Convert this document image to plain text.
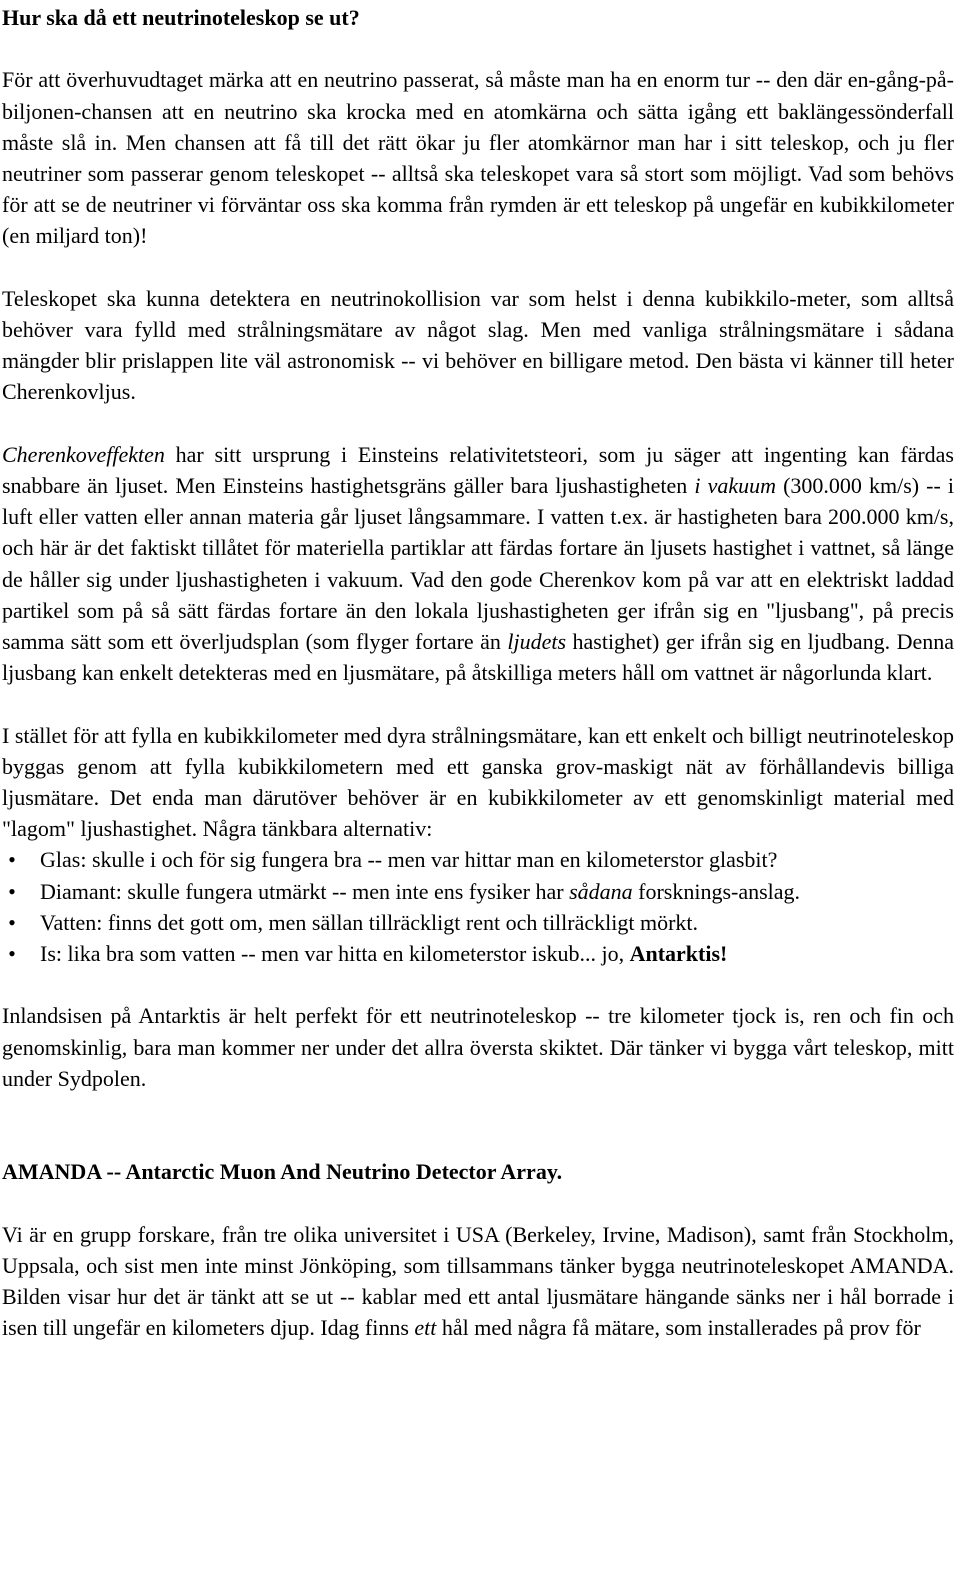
Hur ska då ett neutrinoteleskop se ut?

För att överhuvudtaget märka att en neutrino passerat, så måste man ha en enorm tur -- den där en-gång-på-biljonen-chansen att en neutrino ska krocka med en atomkärna och sätta igång ett baklängessönderfall måste slå in. Men chansen att få till det rätt ökar ju fler atomkärnor man har i sitt teleskop, och ju fler neutriner som passerar genom teleskopet -- alltså ska teleskopet vara så stort som möjligt. Vad som behövs för att se de neutriner vi förväntar oss ska komma från rymden är ett teleskop på ungefär en kubikkilometer (en miljard ton)!

Teleskopet ska kunna detektera en neutrinokollision var som helst i denna kubikkilo-meter, som alltså behöver vara fylld med strålningsmätare av något slag. Men med vanliga strålningsmätare i sådana mängder blir prislappen lite väl astronomisk -- vi behöver en billigare metod. Den bästa vi känner till heter Cherenkovljus.

Cherenkoveffekten har sitt ursprung i Einsteins relativitetsteori, som ju säger att ingenting kan färdas snabbare än ljuset. Men Einsteins hastighetsgräns gäller bara ljushastigheten i vakuum (300.000 km/s) -- i luft eller vatten eller annan materia går ljuset långsammare. I vatten t.ex. är hastigheten bara 200.000 km/s, och här är det faktiskt tillåtet för materiella partiklar att färdas fortare än ljusets hastighet i vattnet, så länge de håller sig under ljushastigheten i vakuum. Vad den gode Cherenkov kom på var att en elektriskt laddad partikel som på så sätt färdas fortare än den lokala ljushastigheten ger ifrån sig en "ljusbang", på precis samma sätt som ett överljudsplan (som flyger fortare än ljudets hastighet) ger ifrån sig en ljudbang. Denna ljusbang kan enkelt detekteras med en ljusmätare, på åtskilliga meters håll om vattnet är någorlunda klart.

I stället för att fylla en kubikkilometer med dyra strålningsmätare, kan ett enkelt och billigt neutrinoteleskop byggas genom att fylla kubikkilometern med ett ganska grov-maskigt nät av förhållandevis billiga ljusmätare. Det enda man därutöver behöver är en kubikkilometer av ett genomskinligt material med "lagom" ljushastighet. Några tänkbara alternativ:

• Glas: skulle i och för sig fungera bra -- men var hittar man en kilometerstor glasbit?
• Diamant: skulle fungera utmärkt -- men inte ens fysiker har sådana forsknings-anslag.
• Vatten: finns det gott om, men sällan tillräckligt rent och tillräckligt mörkt.
• Is: lika bra som vatten -- men var hitta en kilometerstor iskub... jo, Antarktis!

Inlandsisen på Antarktis är helt perfekt för ett neutrinoteleskop -- tre kilometer tjock is, ren och fin och genomskinlig, bara man kommer ner under det allra översta skiktet. Där tänker vi bygga vårt teleskop, mitt under Sydpolen.

AMANDA -- Antarctic Muon And Neutrino Detector Array.

Vi är en grupp forskare, från tre olika universitet i USA (Berkeley, Irvine, Madison), samt från Stockholm, Uppsala, och sist men inte minst Jönköping, som tillsammans tänker bygga neutrinoteleskopet AMANDA. Bilden visar hur det är tänkt att se ut -- kablar med ett antal ljusmätare hängande sänks ner i hål borrade i isen till ungefär en kilometers djup. Idag finns ett hål med några få mätare, som installerades på prov för
